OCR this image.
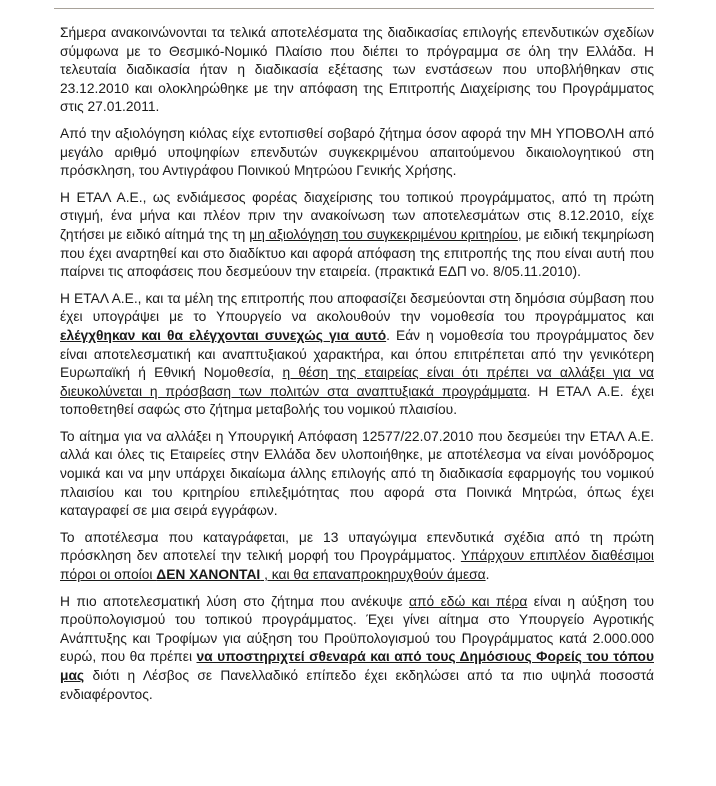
Σήμερα ανακοινώνονται τα τελικά αποτελέσματα της διαδικασίας επιλογής επενδυτικών σχεδίων σύμφωνα με το Θεσμικό-Νομικό Πλαίσιο που διέπει το πρόγραμμα σε όλη την Ελλάδα. Η τελευταία διαδικασία ήταν η διαδικασία εξέτασης των ενστάσεων που υποβλήθηκαν στις 23.12.2010 και ολοκληρώθηκε με την απόφαση της Επιτροπής Διαχείρισης του Προγράμματος στις 27.01.2011.

Από την αξιολόγηση κιόλας είχε εντοπισθεί σοβαρό ζήτημα όσον αφορά την ΜΗ ΥΠΟΒΟΛΗ από μεγάλο αριθμό υποψηφίων επενδυτών συγκεκριμένου απαιτούμενου δικαιολογητικού στη πρόσκληση, του Αντιγράφου Ποινικού Μητρώου Γενικής Χρήσης.

Η ΕΤΑΛ Α.Ε., ως ενδιάμεσος φορέας διαχείρισης του τοπικού προγράμματος, από τη πρώτη στιγμή, ένα μήνα και πλέον πριν την ανακοίνωση των αποτελεσμάτων στις 8.12.2010, είχε ζητήσει με ειδικό αίτημά της τη μη αξιολόγηση του συγκεκριμένου κριτηρίου, με ειδική τεκμηρίωση που έχει αναρτηθεί και στο διαδίκτυο και αφορά απόφαση της επιτροπής της που είναι αυτή που παίρνει τις αποφάσεις που δεσμεύουν την εταιρεία. (πρακτικά ΕΔΠ νο. 8/05.11.2010).

Η ΕΤΑΛ Α.Ε., και τα μέλη της επιτροπής που αποφασίζει δεσμεύονται στη δημόσια σύμβαση που έχει υπογράψει με το Υπουργείο να ακολουθούν την νομοθεσία του προγράμματος και ελέγχθηκαν και θα ελέγχονται συνεχώς για αυτό. Εάν η νομοθεσία του προγράμματος δεν είναι αποτελεσματική και αναπτυξιακού χαρακτήρα, και όπου επιτρέπεται από την γενικότερη Ευρωπαϊκή ή Εθνική Νομοθεσία, η θέση της εταιρείας είναι ότι πρέπει να αλλάξει για να διευκολύνεται η πρόσβαση των πολιτών στα αναπτυξιακά προγράμματα. Η ΕΤΑΛ Α.Ε. έχει τοποθετηθεί σαφώς στο ζήτημα μεταβολής του νομικού πλαισίου.

Το αίτημα για να αλλάξει η Υπουργική Απόφαση 12577/22.07.2010 που δεσμεύει την ΕΤΑΛ Α.Ε. αλλά και όλες τις Εταιρείες στην Ελλάδα δεν υλοποιήθηκε, με αποτέλεσμα να είναι μονόδρομος νομικά και να μην υπάρχει δικαίωμα άλλης επιλογής από τη διαδικασία εφαρμογής του νομικού πλαισίου και του κριτηρίου επιλεξιμότητας που αφορά στα Ποινικά Μητρώα, όπως έχει καταγραφεί σε μια σειρά εγγράφων.

Το αποτέλεσμα που καταγράφεται, με 13 υπαγώγιμα επενδυτικά σχέδια από τη πρώτη πρόσκληση δεν αποτελεί την τελική μορφή του Προγράμματος. Υπάρχουν επιπλέον διαθέσιμοι πόροι οι οποίοι ΔΕΝ ΧΑΝΟΝΤΑΙ , και θα επαναπροκηρυχθούν άμεσα.

Η πιο αποτελεσματική λύση στο ζήτημα που ανέκυψε από εδώ και πέρα είναι η αύξηση του προϋπολογισμού του τοπικού προγράμματος. Έχει γίνει αίτημα στο Υπουργείο Αγροτικής Ανάπτυξης και Τροφίμων για αύξηση του Προϋπολογισμού του Προγράμματος κατά 2.000.000 ευρώ, που θα πρέπει να υποστηριχτεί σθεναρά και από τους Δημόσιους Φορείς του τόπου μας διότι η Λέσβος σε Πανελλαδικό επίπεδο έχει εκδηλώσει από τα πιο υψηλά ποσοστά ενδιαφέροντος.
